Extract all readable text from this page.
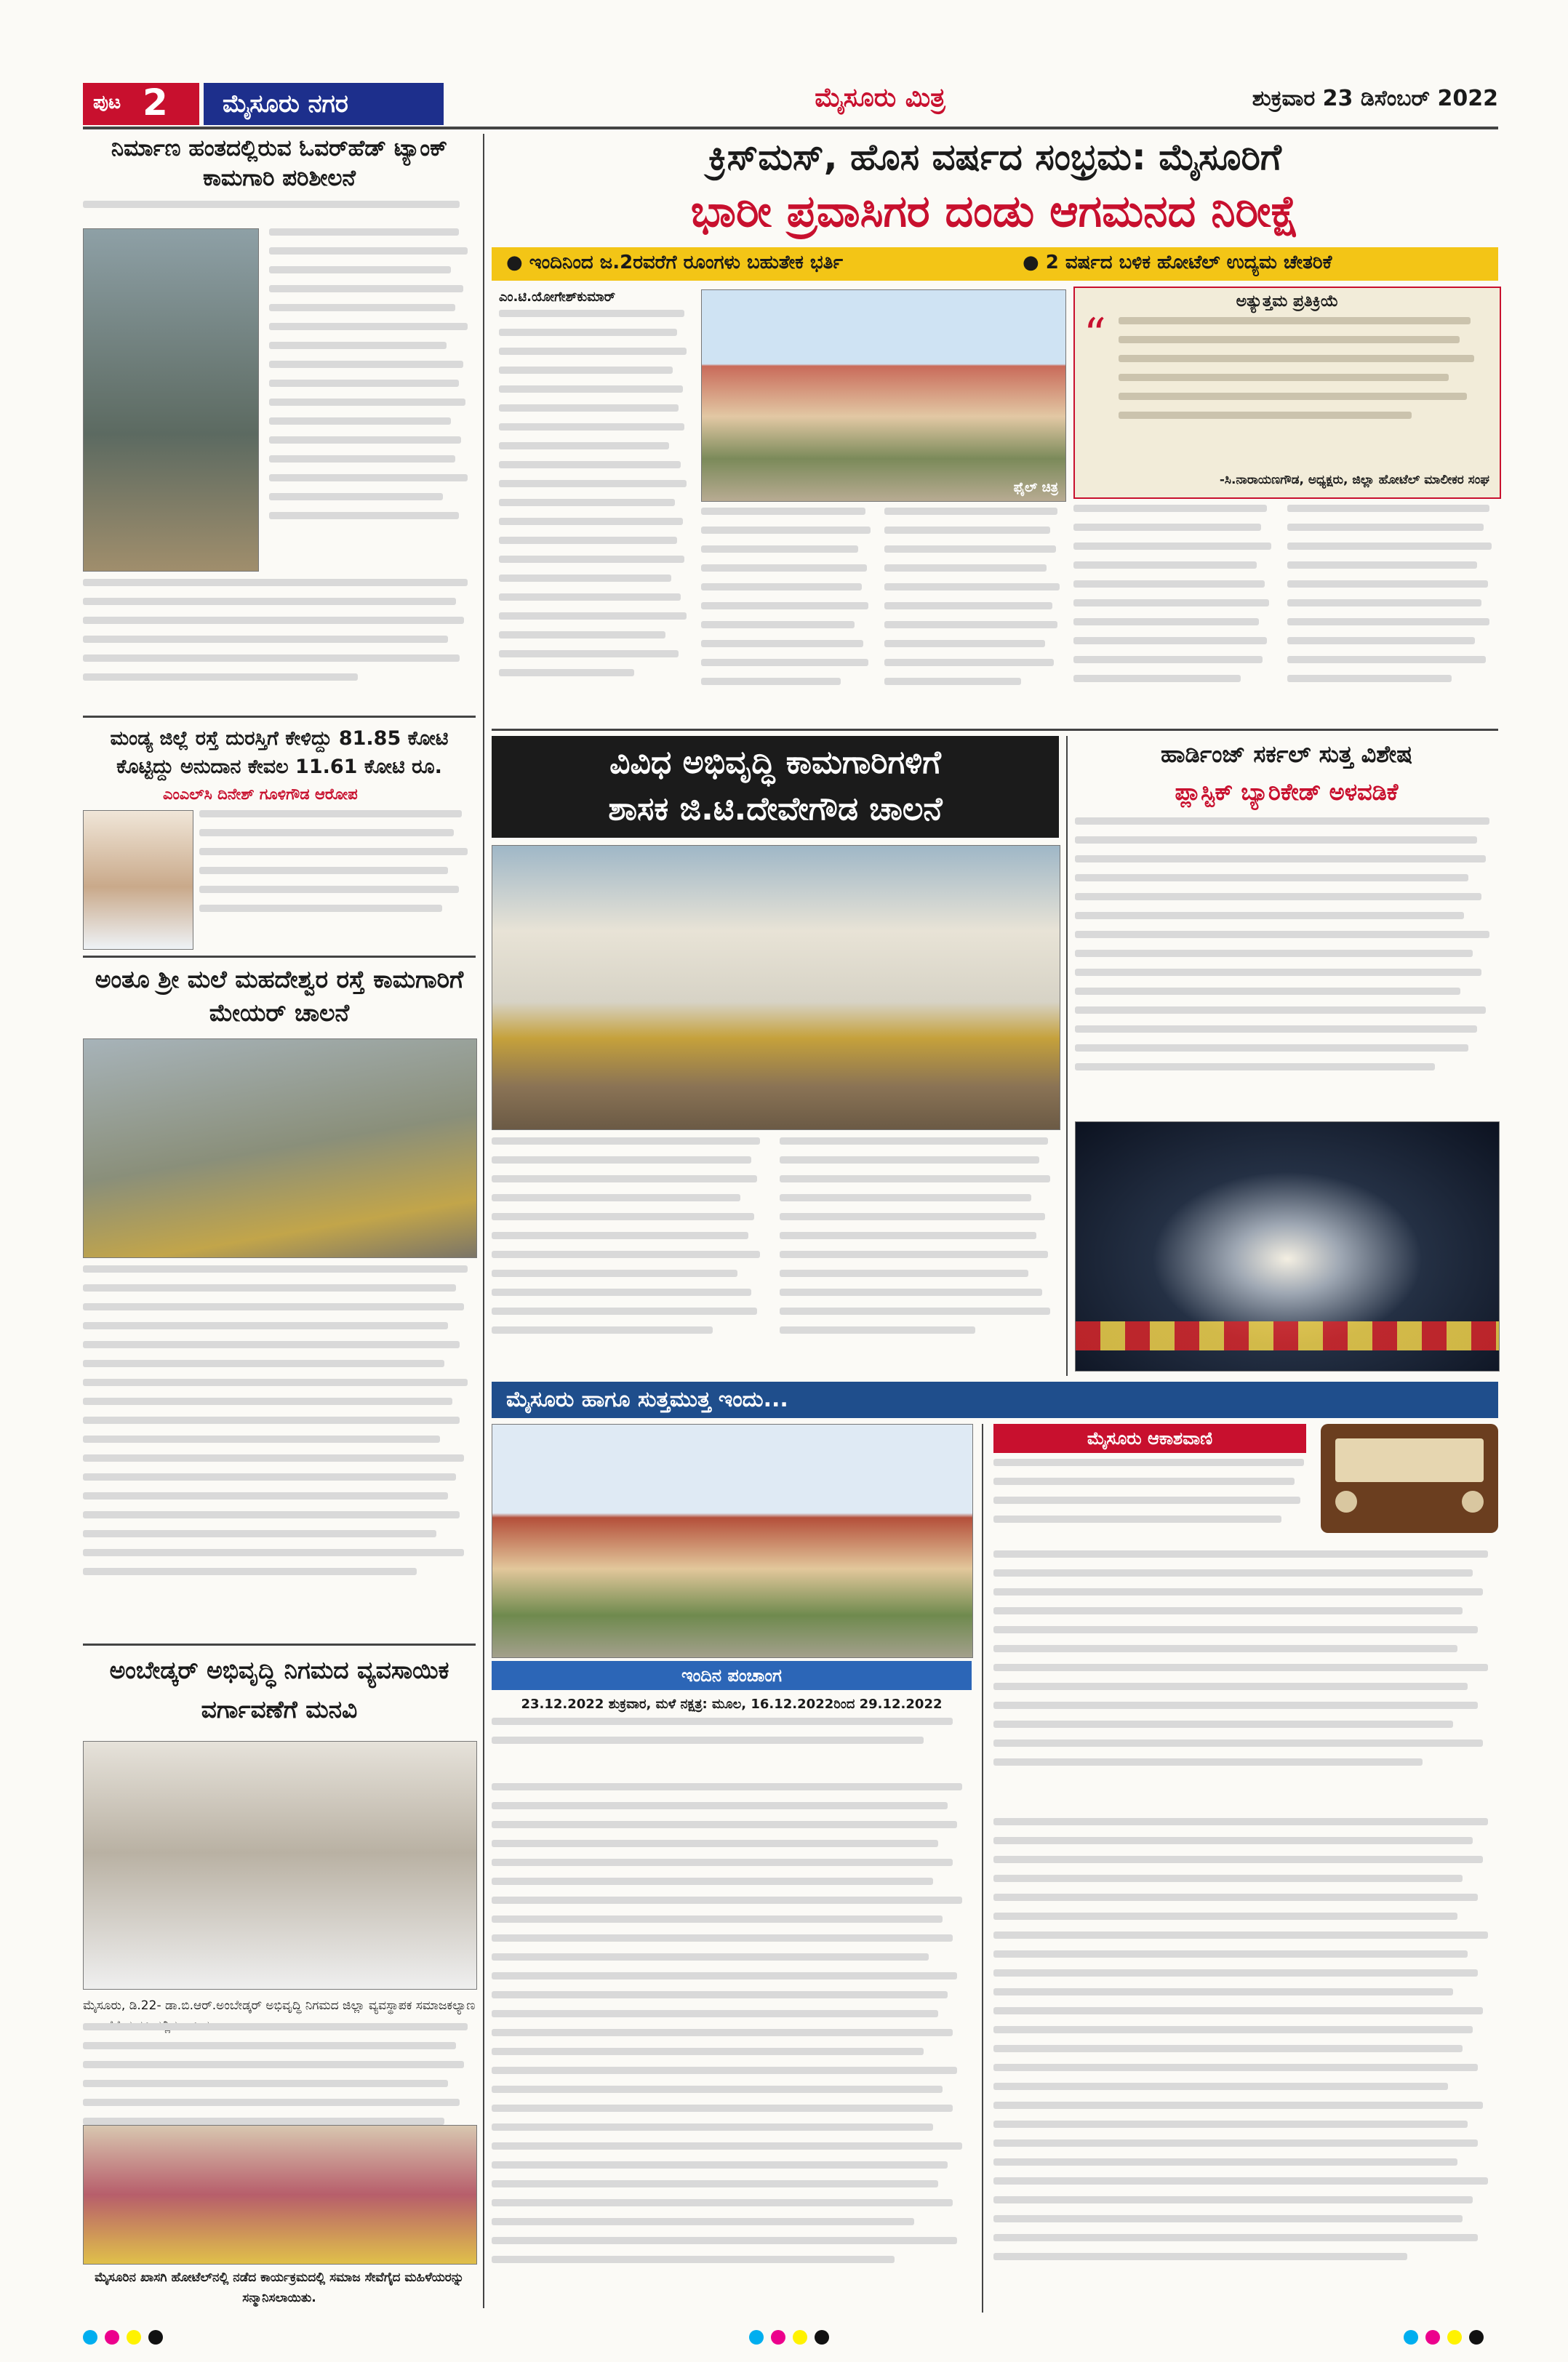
ಪುಟ 2	ಮೈಸೂರು ನಗರ	ಮೈಸೂರು ಮಿತ್ರ	ಶುಕ್ರವಾರ 23 ಡಿಸೆಂಬರ್ 2022
ನಿರ್ಮಾಣ ಹಂತದಲ್ಲಿರುವ ಓವರ್‌ಹೆಡ್ ಟ್ಯಾಂಕ್ ಕಾಮಗಾರಿ ಪರಿಶೀಲನೆ
ಮಂಡ್ಯ ಜಿಲ್ಲೆ ರಸ್ತೆ ದುರಸ್ತಿಗೆ ಕೇಳಿದ್ದು 81.85 ಕೋಟಿ ಕೊಟ್ಟಿದ್ದು ಅನುದಾನ ಕೇವಲ 11.61 ಕೋಟಿ ರೂ.
ಎಂಎಲ್‌ಸಿ ದಿನೇಶ್ ಗೂಳಿಗೌಡ ಆರೋಪ
ಅಂತೂ ಶ್ರೀ ಮಲೆ ಮಹದೇಶ್ವರ ರಸ್ತೆ ಕಾಮಗಾರಿಗೆ ಮೇಯರ್ ಚಾಲನೆ
ಅಂಬೇಡ್ಕರ್ ಅಭಿವೃದ್ಧಿ ನಿಗಮದ ವ್ಯವಸಾಯಿಕ ವರ್ಗಾವಣೆಗೆ ಮನವಿ
ಮೈಸೂರು, ಡಿ.22- ಡಾ.ಬಿ.ಆರ್.ಅಂಬೇಡ್ಕರ್ ಅಭಿವೃದ್ಧಿ ನಿಗಮದ ಜಿಲ್ಲಾ ವ್ಯವಸ್ಥಾಪಕ ಸಮಾಜಕಲ್ಯಾಣ
ಮೈಸೂರಿನ ಖಾಸಗಿ ಹೋಟೆಲ್‌ನಲ್ಲಿ ನಡೆದ ಕಾರ್ಯಕ್ರಮದಲ್ಲಿ ಸಮಾಜ ಸೇವೆಗೈದ ಮಹಿಳೆಯರನ್ನು ಸನ್ಮಾನಿಸಲಾಯಿತು.
ಕ್ರಿಸ್‌ಮಸ್, ಹೊಸ ವರ್ಷದ ಸಂಭ್ರಮ: ಮೈಸೂರಿಗೆ
ಭಾರೀ ಪ್ರವಾಸಿಗರ ದಂಡು ಆಗಮನದ ನಿರೀಕ್ಷೆ
● ಇಂದಿನಿಂದ ಜ.2ರವರೆಗೆ ರೂಂಗಳು ಬಹುತೇಕ ಭರ್ತಿ	● 2 ವರ್ಷದ ಬಳಿಕ ಹೋಟೆಲ್ ಉದ್ಯಮ ಚೇತರಿಕೆ
ಎಂ.ಟಿ.ಯೋಗೇಶ್‌ಕುಮಾರ್
ಫೈಲ್ ಚಿತ್ರ
ಅತ್ಯುತ್ತಮ ಪ್ರತಿಕ್ರಿಯೆ
“
-ಸಿ.ನಾರಾಯಣಗೌಡ, ಅಧ್ಯಕ್ಷರು, ಜಿಲ್ಲಾ ಹೋಟೆಲ್ ಮಾಲೀಕರ ಸಂಘ
ವಿವಿಧ ಅಭಿವೃದ್ಧಿ ಕಾಮಗಾರಿಗಳಿಗೆ
ಶಾಸಕ ಜಿ.ಟಿ.ದೇವೇಗೌಡ ಚಾಲನೆ
ಹಾರ್ಡಿಂಜ್ ಸರ್ಕಲ್ ಸುತ್ತ ವಿಶೇಷ
ಪ್ಲಾಸ್ಟಿಕ್ ಬ್ಯಾರಿಕೇಡ್ ಅಳವಡಿಕೆ
ಮೈಸೂರು ಹಾಗೂ ಸುತ್ತಮುತ್ತ ಇಂದು...
ಇಂದಿನ ಪಂಚಾಂಗ
23.12.2022 ಶುಕ್ರವಾರ, ಮಳೆ ನಕ್ಷತ್ರ: ಮೂಲ, 16.12.2022ರಿಂದ 29.12.2022
ಮೈಸೂರು ಆಕಾಶವಾಣಿ
